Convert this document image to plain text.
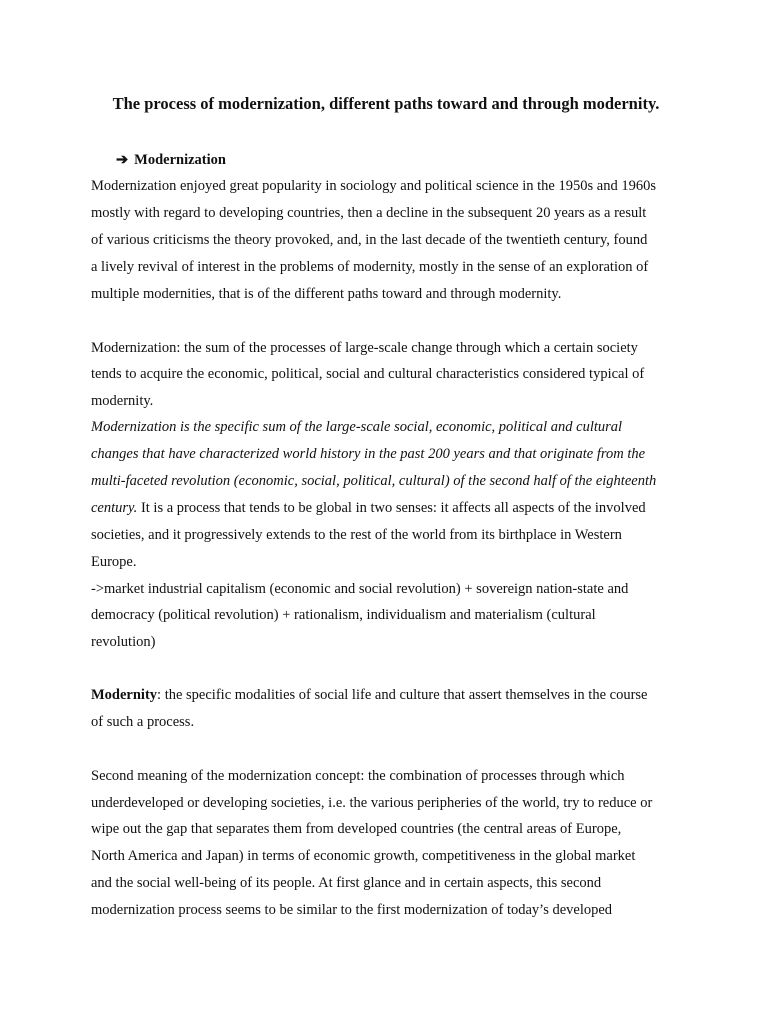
The process of modernization, different paths toward and through modernity.
➔ Modernization
Modernization enjoyed great popularity in sociology and political science in the 1950s and 1960s
mostly with regard to developing countries, then a decline in the subsequent 20 years as a result
of various criticisms the theory provoked, and, in the last decade of the twentieth century, found
a lively revival of interest in the problems of modernity, mostly in the sense of an exploration of
multiple modernities, that is of the different paths toward and through modernity.
Modernization: the sum of the processes of large-scale change through which a certain society
tends to acquire the economic, political, social and cultural characteristics considered typical of
modernity.
Modernization is the specific sum of the large-scale social, economic, political and cultural
changes that have characterized world history in the past 200 years and that originate from the
multi-faceted revolution (economic, social, political, cultural) of the second half of the eighteenth
century. It is a process that tends to be global in two senses: it affects all aspects of the involved
societies, and it progressively extends to the rest of the world from its birthplace in Western
Europe.
->market industrial capitalism (economic and social revolution) + sovereign nation-state and
democracy (political revolution) + rationalism, individualism and materialism (cultural
revolution)
Modernity: the specific modalities of social life and culture that assert themselves in the course
of such a process.
Second meaning of the modernization concept: the combination of processes through which
underdeveloped or developing societies, i.e. the various peripheries of the world, try to reduce or
wipe out the gap that separates them from developed countries (the central areas of Europe,
North America and Japan) in terms of economic growth, competitiveness in the global market
and the social well-being of its people. At first glance and in certain aspects, this second
modernization process seems to be similar to the first modernization of today’s developed
